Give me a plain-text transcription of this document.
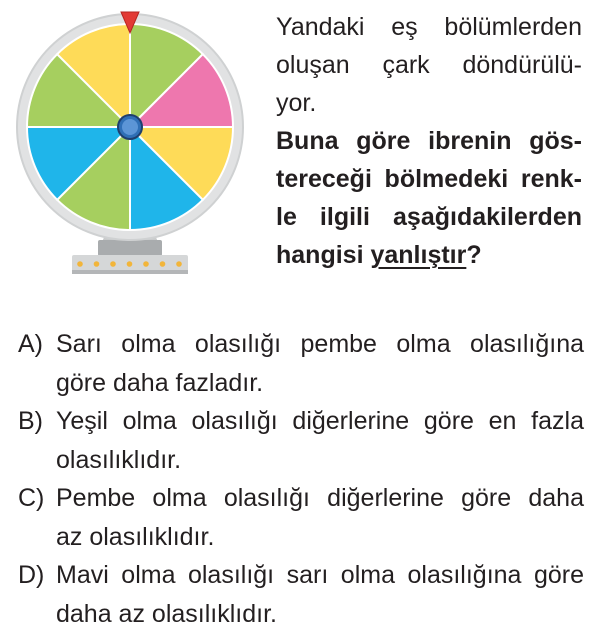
Yandaki eş bölümlerden
oluşan çark döndürülü-
yor.
Buna göre ibrenin gös-
tereceği bölmedeki renk-
le ilgili aşağıdakilerden
hangisi yanlıştır?
A) Sarı olma olasılığı pembe olma olasılığına
göre daha fazladır.
B) Yeşil olma olasılığı diğerlerine göre en fazla
olasılıklıdır.
C) Pembe olma olasılığı diğerlerine göre daha
az olasılıklıdır.
D) Mavi olma olasılığı sarı olma olasılığına göre
daha az olasılıklıdır.
